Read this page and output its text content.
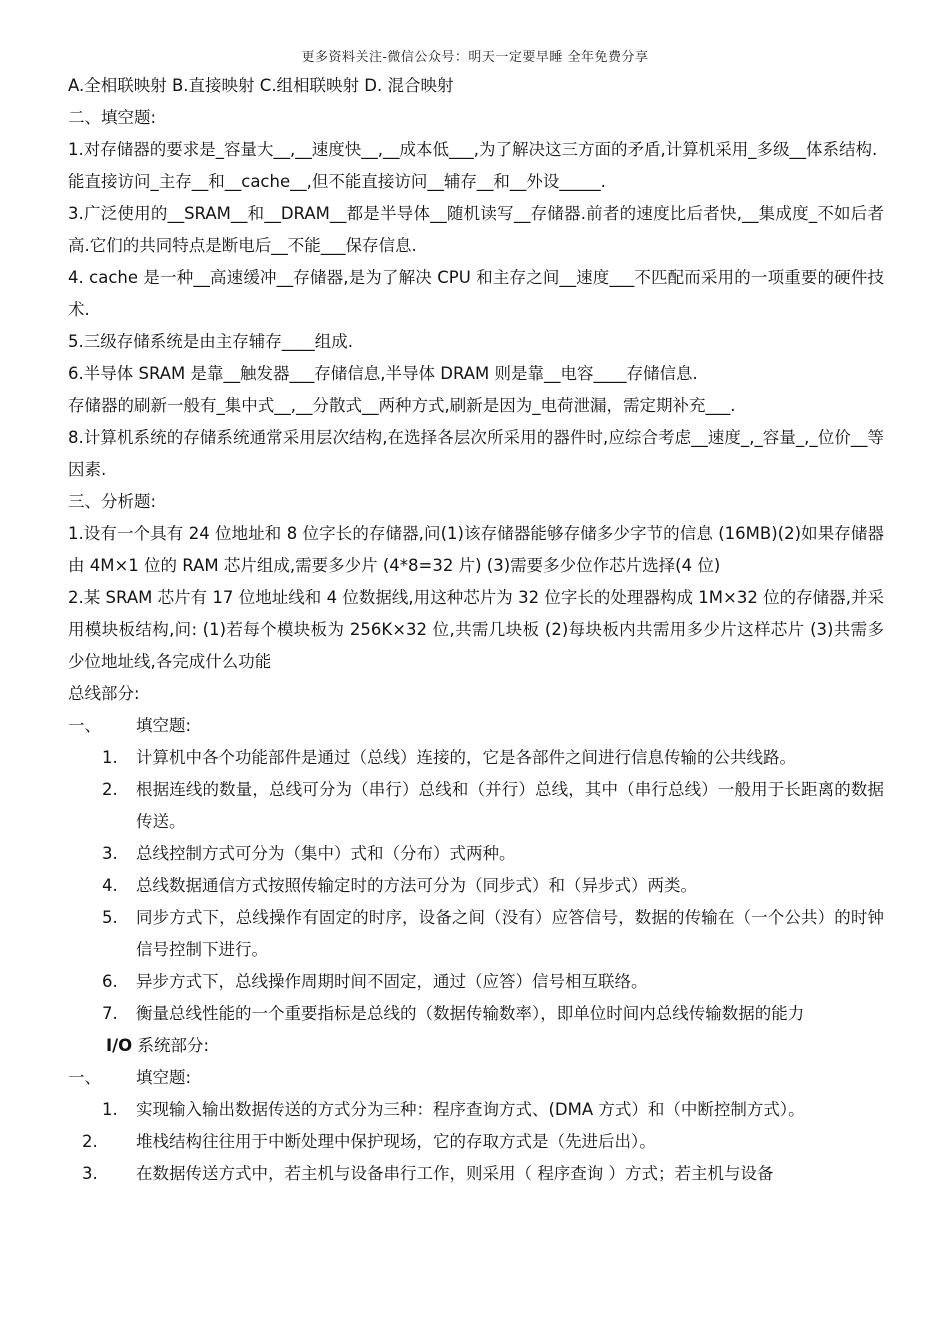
更多资料关注-微信公众号：明天一定要早睡 全年免费分享
A.全相联映射 B.直接映射 C.组相联映射 D. 混合映射
二、填空题:
1.对存储器的要求是_容量大__,__速度快__,__成本低___,为了解决这三方面的矛盾,计算机采用_多级__体系结构.
能直接访问_主存__和__cache__,但不能直接访问__辅存__和__外设_____.
3.广泛使用的__SRAM__和__DRAM__都是半导体__随机读写__存储器.前者的速度比后者快,__集成度_不如后者高.它们的共同特点是断电后__不能___保存信息.
4. cache 是一种__高速缓冲__存储器,是为了解决 CPU 和主存之间__速度___不匹配而采用的一项重要的硬件技术.
5.三级存储系统是由主存辅存____组成.
6.半导体 SRAM 是靠__触发器___存储信息,半导体 DRAM 则是靠__电容____存储信息.
存储器的刷新一般有_集中式__,__分散式__两种方式,刷新是因为_电荷泄漏，需定期补充___.
8.计算机系统的存储系统通常采用层次结构,在选择各层次所采用的器件时,应综合考虑__速度_,_容量_,_位价__等因素.
三、分析题:
1.设有一个具有 24 位地址和 8 位字长的存储器,问(1)该存储器能够存储多少字节的信息 (16MB)(2)如果存储器由 4M×1 位的 RAM 芯片组成,需要多少片 (4*8=32 片) (3)需要多少位作芯片选择(4 位)
2.某 SRAM 芯片有 17 位地址线和 4 位数据线,用这种芯片为 32 位字长的处理器构成 1M×32 位的存储器,并采用模块板结构,问: (1)若每个模块板为 256K×32 位,共需几块板 (2)每块板内共需用多少片这样芯片 (3)共需多少位地址线,各完成什么功能
总线部分:
一、 填空题:
1.	计算机中各个功能部件是通过（总线）连接的，它是各部件之间进行信息传输的公共线路。
2.	根据连线的数量，总线可分为（串行）总线和（并行）总线，其中（串行总线）一般用于长距离的数据传送。
3.	总线控制方式可分为（集中）式和（分布）式两种。
4.	总线数据通信方式按照传输定时的方法可分为（同步式）和（异步式）两类。
5.	同步方式下，总线操作有固定的时序，设备之间（没有）应答信号，数据的传输在（一个公共）的时钟信号控制下进行。
6.	异步方式下，总线操作周期时间不固定，通过（应答）信号相互联络。
7.	衡量总线性能的一个重要指标是总线的（数据传输数率），即单位时间内总线传输数据的能力
I/O 系统部分:
一、 填空题:
1.	实现输入输出数据传送的方式分为三种：程序查询方式、(DMA 方式）和（中断控制方式）。
2. 堆栈结构往往用于中断处理中保护现场，它的存取方式是（先进后出）。
3. 在数据传送方式中，若主机与设备串行工作，则采用（ 程序查询 ）方式；若主机与设备
